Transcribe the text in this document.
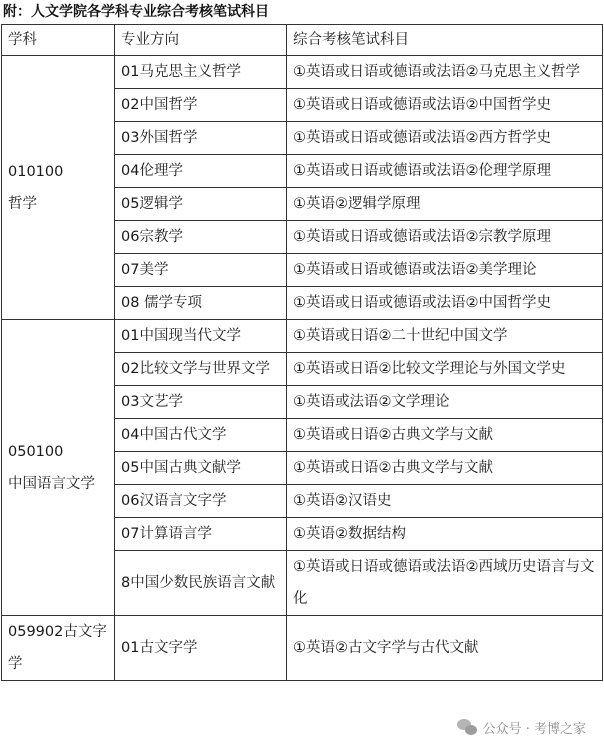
附：人文学院各学科专业综合考核笔试科目
学科	专业方向	综合考核笔试科目
010100
哲学	01马克思主义哲学	①英语或日语或德语或法语②马克思主义哲学
	02中国哲学	①英语或日语或德语或法语②中国哲学史
	03外国哲学	①英语或日语或德语或法语②西方哲学史
	04伦理学	①英语或日语或德语或法语②伦理学原理
	05逻辑学	①英语②逻辑学原理
	06宗教学	①英语或日语或德语或法语②宗教学原理
	07美学	①英语或日语或德语或法语②美学理论
	08 儒学专项	①英语或日语或德语或法语②中国哲学史
050100
中国语言文学	01中国现当代文学	①英语或日语②二十世纪中国文学
	02比较文学与世界文学	①英语或日语②比较文学理论与外国文学史
	03文艺学	①英语或法语②文学理论
	04中国古代文学	①英语或日语②古典文学与文献
	05中国古典文献学	①英语或日语②古典文学与文献
	06汉语言文字学	①英语②汉语史
	07计算语言学	①英语②数据结构
	8中国少数民族语言文献	①英语或日语或德语或法语②西域历史语言与文化
059902古文字学	01古文字学	①英语②古文字学与古代文献
公众号 · 考博之家
